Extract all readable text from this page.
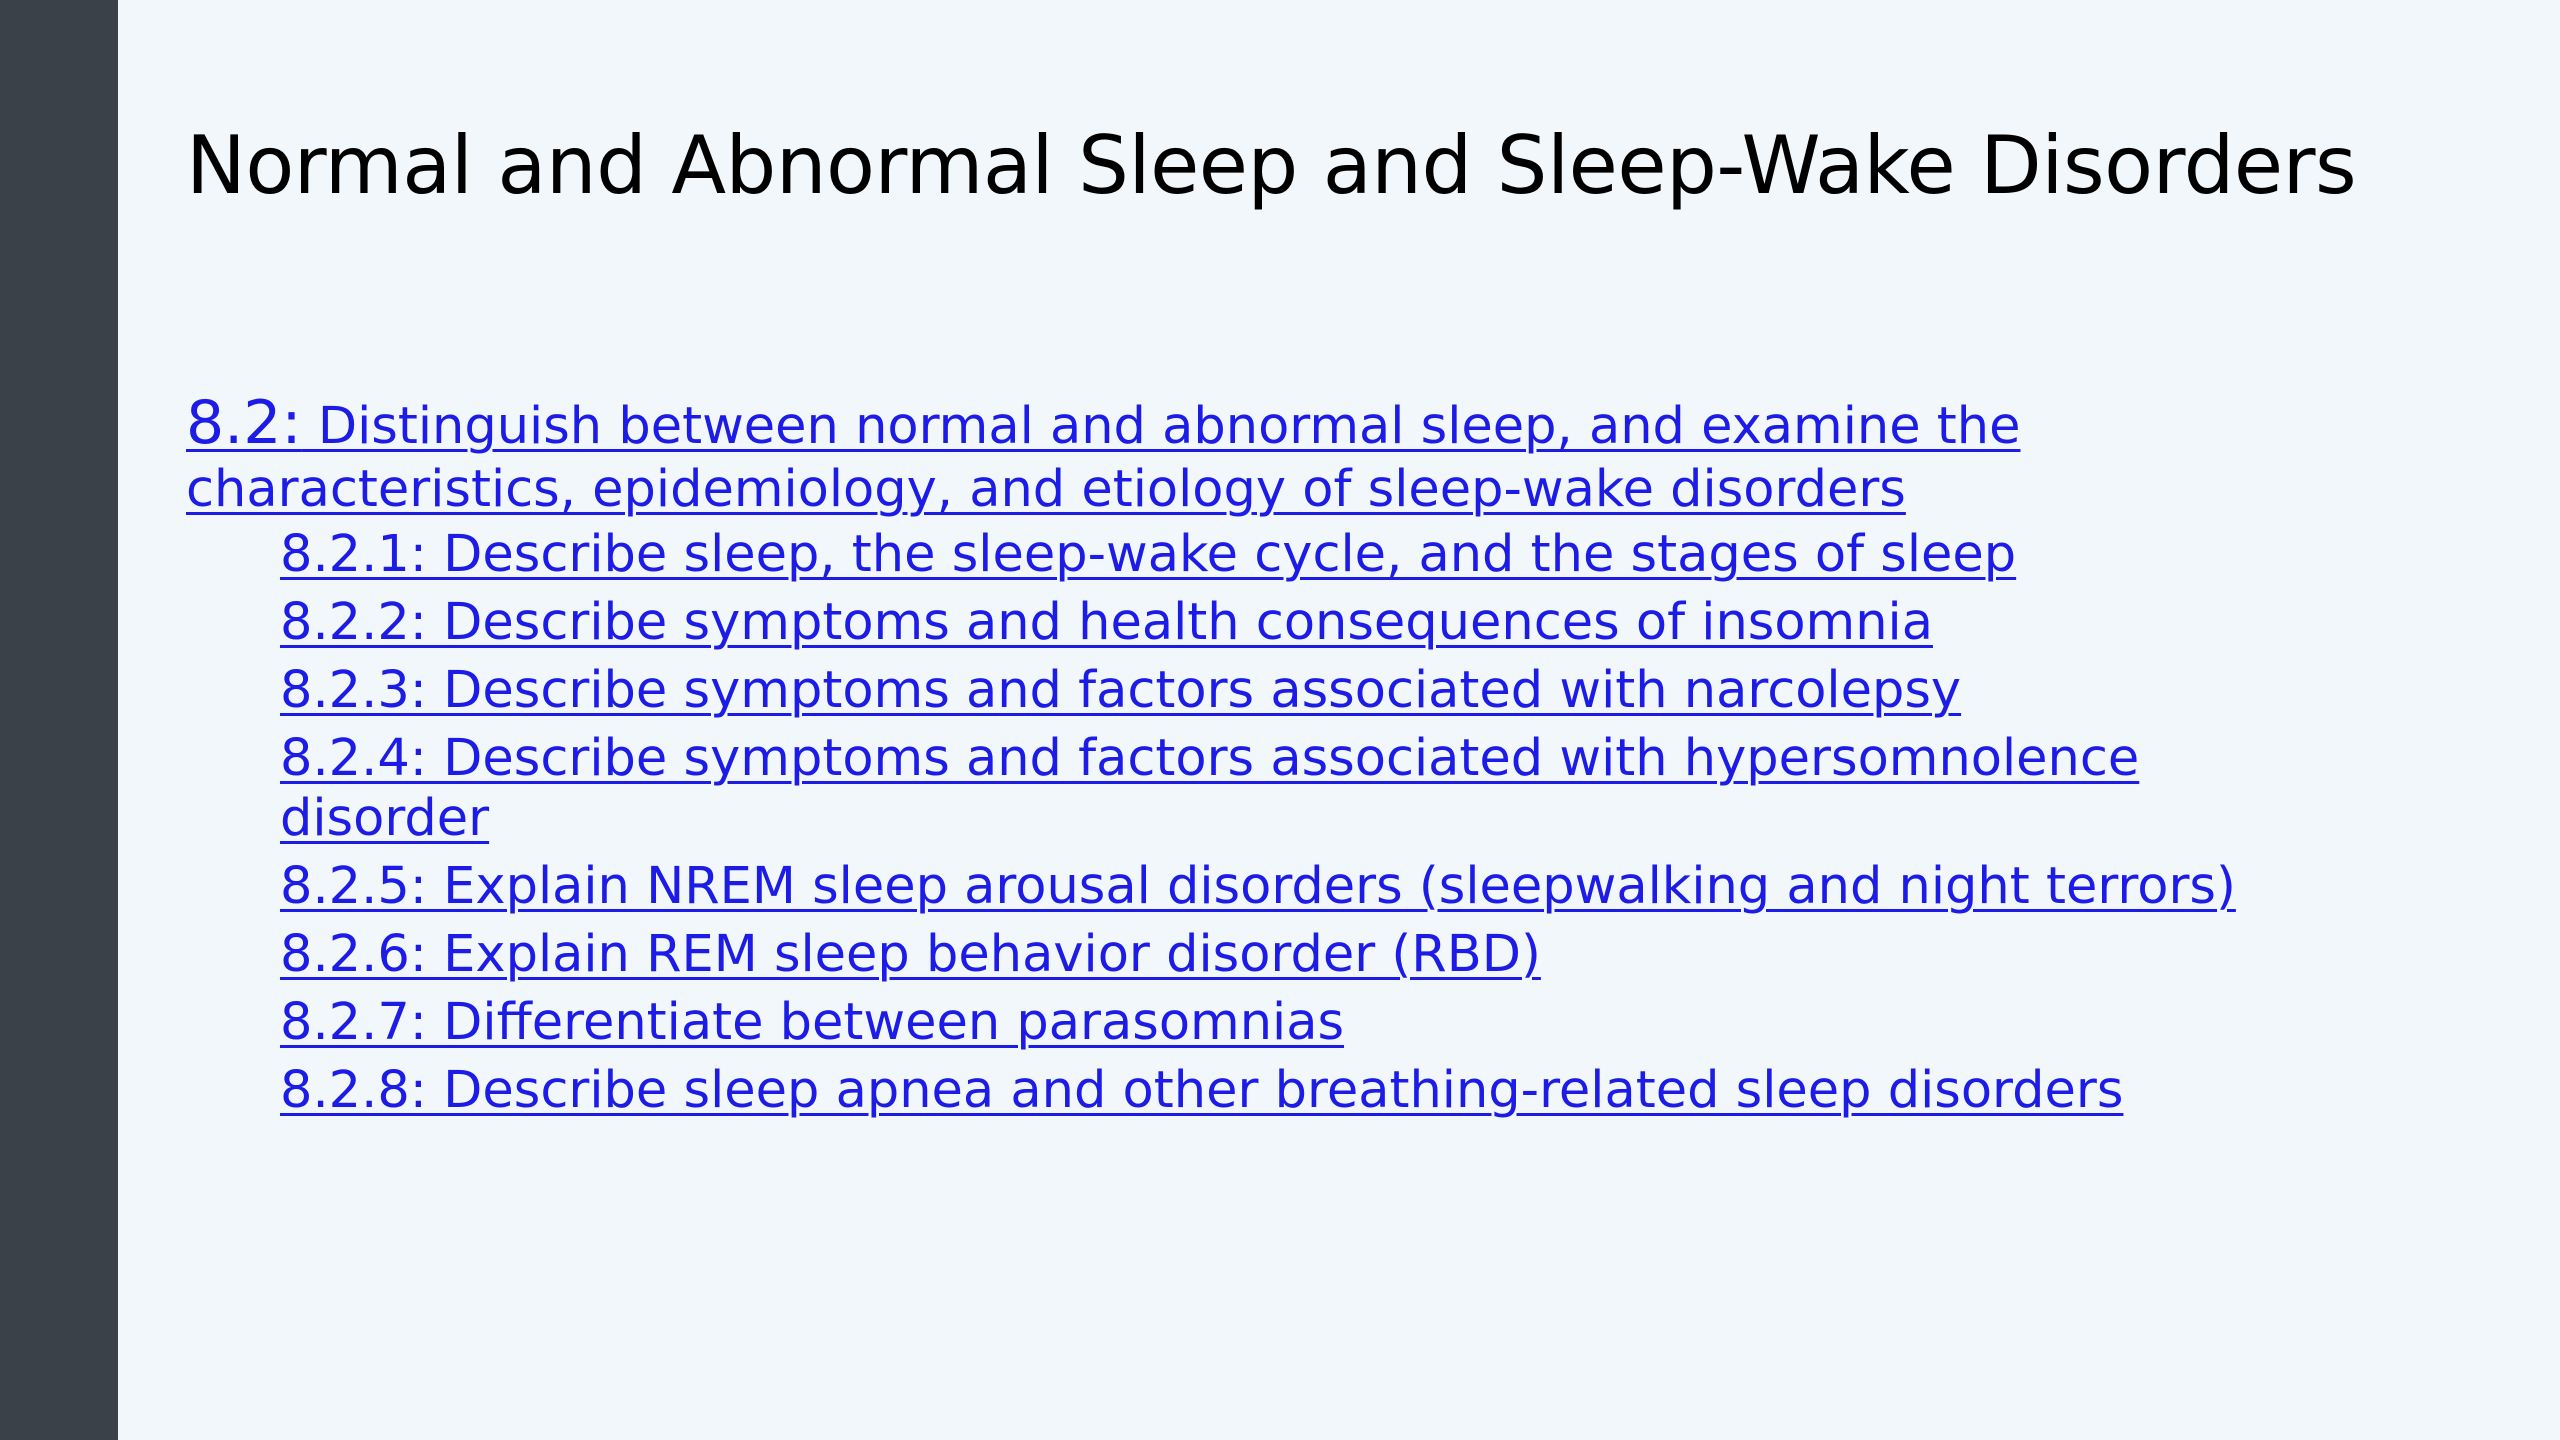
Normal and Abnormal Sleep and Sleep-Wake Disorders
8.2: Distinguish between normal and abnormal sleep, and examine the characteristics, epidemiology, and etiology of sleep-wake disorders
8.2.1: Describe sleep, the sleep-wake cycle, and the stages of sleep
8.2.2: Describe symptoms and health consequences of insomnia
8.2.3: Describe symptoms and factors associated with narcolepsy
8.2.4: Describe symptoms and factors associated with hypersomnolence disorder
8.2.5: Explain NREM sleep arousal disorders (sleepwalking and night terrors)
8.2.6: Explain REM sleep behavior disorder (RBD)
8.2.7: Differentiate between parasomnias
8.2.8: Describe sleep apnea and other breathing-related sleep disorders
